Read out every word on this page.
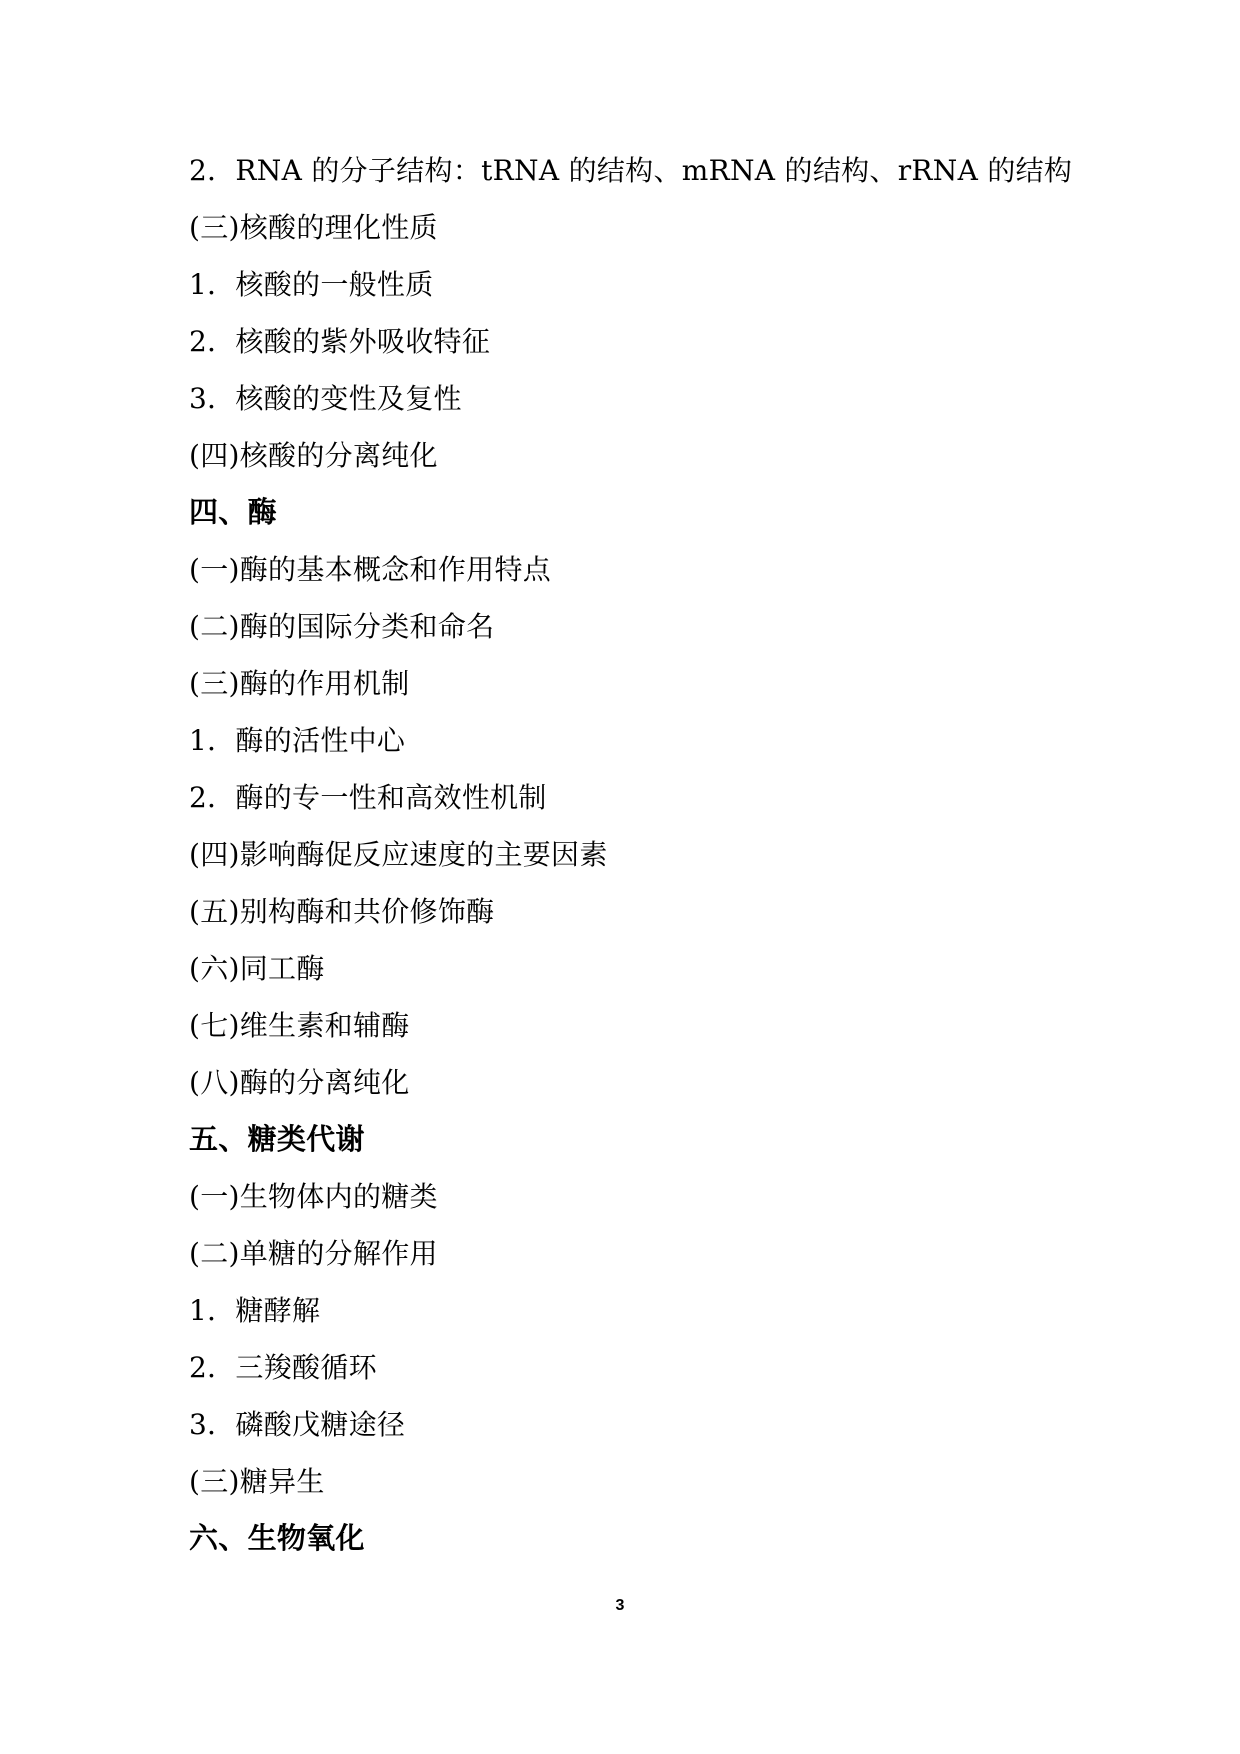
2．RNA 的分子结构：tRNA 的结构、mRNA 的结构、rRNA 的结构
(三)核酸的理化性质
1．核酸的一般性质
2．核酸的紫外吸收特征
3．核酸的变性及复性
(四)核酸的分离纯化
四、酶
(一)酶的基本概念和作用特点
(二)酶的国际分类和命名
(三)酶的作用机制
1．酶的活性中心
2．酶的专一性和高效性机制
(四)影响酶促反应速度的主要因素
(五)别构酶和共价修饰酶
(六)同工酶
(七)维生素和辅酶
(八)酶的分离纯化
五、糖类代谢
(一)生物体内的糖类
(二)单糖的分解作用
1．糖酵解
2．三羧酸循环
3．磷酸戊糖途径
(三)糖异生
六、生物氧化
3
